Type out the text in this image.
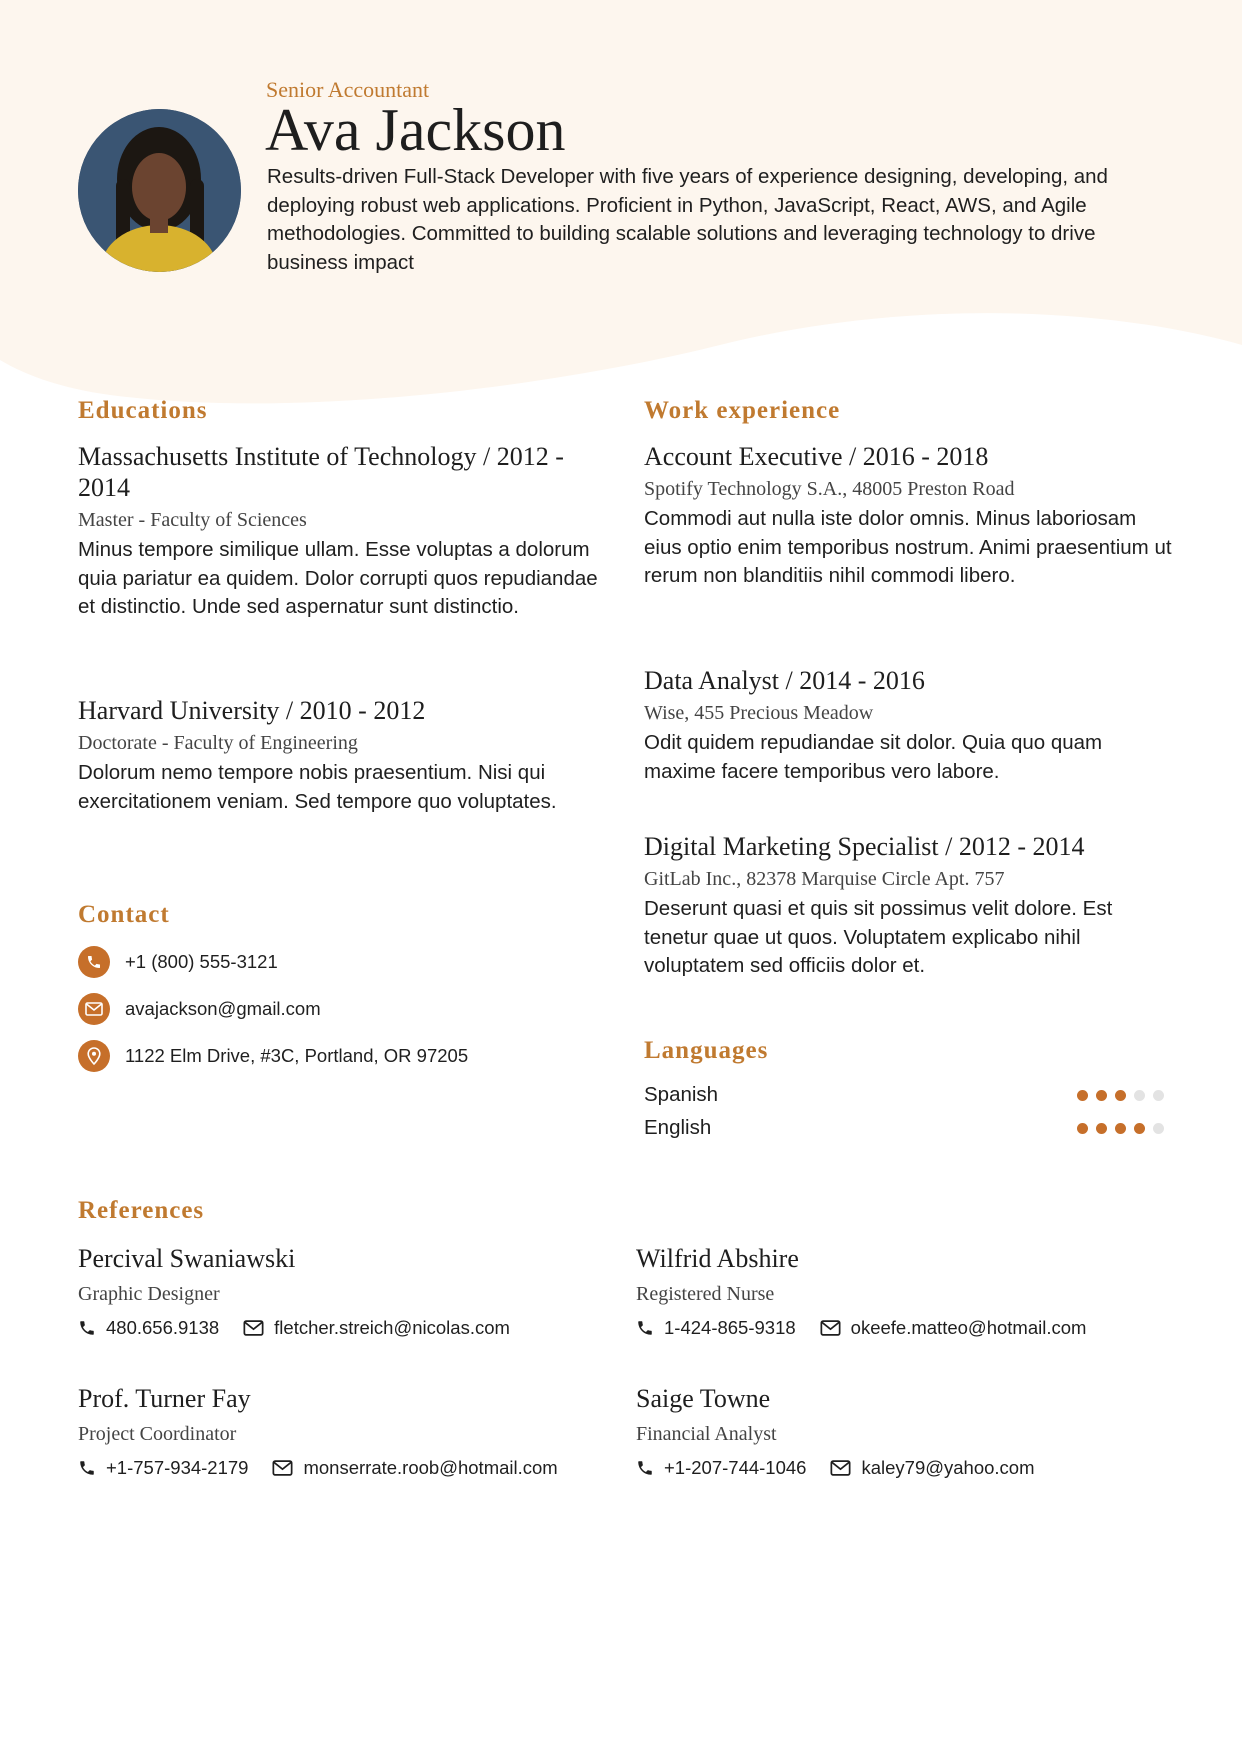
Senior Accountant
Ava Jackson
Results-driven Full-Stack Developer with five years of experience designing, developing, and deploying robust web applications. Proficient in Python, JavaScript, React, AWS, and Agile methodologies. Committed to building scalable solutions and leveraging technology to drive business impact
Educations
Massachusetts Institute of Technology / 2012 - 2014
Master - Faculty of Sciences
Minus tempore similique ullam. Esse voluptas a dolorum quia pariatur ea quidem. Dolor corrupti quos repudiandae et distinctio. Unde sed aspernatur sunt distinctio.
Harvard University / 2010 - 2012
Doctorate - Faculty of Engineering
Dolorum nemo tempore nobis praesentium. Nisi qui exercitationem veniam. Sed tempore quo voluptates.
Contact
+1 (800) 555-3121
avajackson@gmail.com
1122 Elm Drive, #3C, Portland, OR 97205
Work experience
Account Executive / 2016 - 2018
Spotify Technology S.A., 48005 Preston Road
Commodi aut nulla iste dolor omnis. Minus laboriosam eius optio enim temporibus nostrum. Animi praesentium ut rerum non blanditiis nihil commodi libero.
Data Analyst / 2014 - 2016
Wise, 455 Precious Meadow
Odit quidem repudiandae sit dolor. Quia quo quam maxime facere temporibus vero labore.
Digital Marketing Specialist / 2012 - 2014
GitLab Inc., 82378 Marquise Circle Apt. 757
Deserunt quasi et quis sit possimus velit dolore. Est tenetur quae ut quos. Voluptatem explicabo nihil voluptatem sed officiis dolor et.
Languages
Spanish
English
References
Percival Swaniawski
Graphic Designer
480.656.9138	fletcher.streich@nicolas.com
Wilfrid Abshire
Registered Nurse
1-424-865-9318	okeefe.matteo@hotmail.com
Prof. Turner Fay
Project Coordinator
+1-757-934-2179	monserrate.roob@hotmail.com
Saige Towne
Financial Analyst
+1-207-744-1046	kaley79@yahoo.com
